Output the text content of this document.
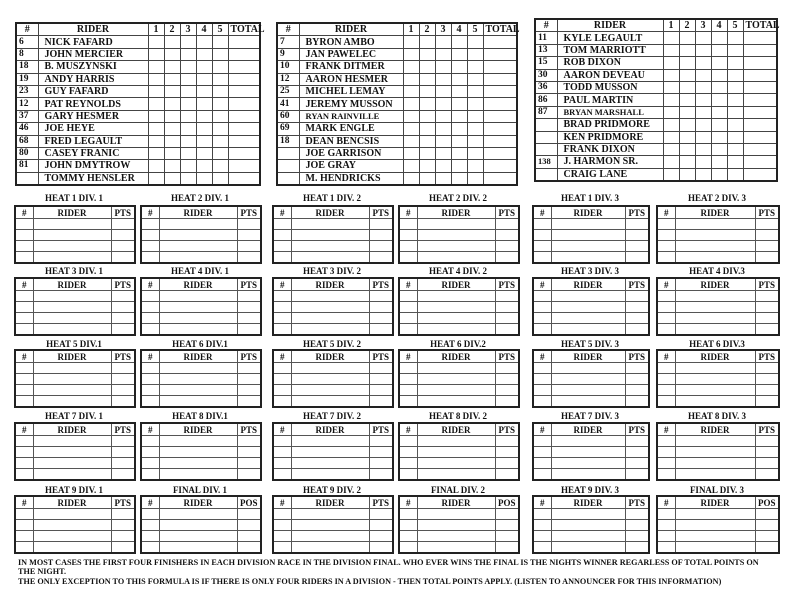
#	RIDER	1	2	3	4	5	TOTAL
6	NICK FAFARD						
8	JOHN MERCIER						
18	B. MUSZYNSKI						
19	ANDY HARRIS						
23	GUY FAFARD						
12	PAT REYNOLDS						
37	GARY HESMER						
46	JOE HEYE						
68	FRED LEGAULT						
80	CASEY FRANIC						
81	JOHN DMYTROW						
	TOMMY HENSLER						
#	RIDER	1	2	3	4	5	TOTAL
7	BYRON AMBO						
9	JAN PAWELEC						
10	FRANK DITMER						
12	AARON HESMER						
25	MICHEL LEMAY						
41	JEREMY MUSSON						
60	RYAN RAINVILLE						
69	MARK ENGLE						
18	DEAN BENCSIS						
	JOE GARRISON						
	JOE GRAY						
	M. HENDRICKS						
#	RIDER	1	2	3	4	5	TOTAL
11	KYLE LEGAULT						
13	TOM MARRIOTT						
15	ROB DIXON						
30	AARON DEVEAU						
36	TODD MUSSON						
86	PAUL MARTIN						
87	BRYAN MARSHALL						
	BRAD PRIDMORE						
	KEN PRIDMORE						
	FRANK DIXON						
138	J. HARMON SR.						
	CRAIG LANE						
HEAT 1 DIV. 1
#	RIDER	PTS

HEAT 2 DIV. 1
#	RIDER	PTS

HEAT 1 DIV. 2
#	RIDER	PTS

HEAT 2 DIV. 2
#	RIDER	PTS

HEAT 1 DIV. 3
#	RIDER	PTS

HEAT 2 DIV. 3
#	RIDER	PTS

HEAT 3 DIV. 1
#	RIDER	PTS

HEAT 4 DIV. 1
#	RIDER	PTS

HEAT 3 DIV. 2
#	RIDER	PTS

HEAT 4 DIV. 2
#	RIDER	PTS

HEAT 3 DIV. 3
#	RIDER	PTS

HEAT 4 DIV.3
#	RIDER	PTS

HEAT 5 DIV.1
#	RIDER	PTS

HEAT 6 DIV.1
#	RIDER	PTS

HEAT 5 DIV. 2
#	RIDER	PTS

HEAT 6 DIV.2
#	RIDER	PTS

HEAT 5 DIV. 3
#	RIDER	PTS

HEAT 6 DIV.3
#	RIDER	PTS

HEAT 7 DIV. 1
#	RIDER	PTS

HEAT 8 DIV.1
#	RIDER	PTS

HEAT 7 DIV. 2
#	RIDER	PTS

HEAT 8 DIV. 2
#	RIDER	PTS

HEAT 7 DIV. 3
#	RIDER	PTS

HEAT 8 DIV. 3
#	RIDER	PTS

HEAT 9 DIV. 1
#	RIDER	PTS

FINAL DIV. 1
#	RIDER	POS

HEAT 9 DIV. 2
#	RIDER	PTS

FINAL DIV. 2
#	RIDER	POS

HEAT 9 DIV. 3
#	RIDER	PTS

FINAL DIV. 3
#	RIDER	POS

IN MOST CASES THE FIRST FOUR FINISHERS IN EACH DIVISION RACE IN THE DIVISION FINAL. WHO EVER WINS THE FINAL IS THE NIGHTS WINNER REGARLESS OF TOTAL POINTS ON
THE NIGHT.
THE ONLY EXCEPTION TO THIS FORMULA IS IF THERE IS ONLY FOUR RIDERS IN A DIVISION - THEN TOTAL POINTS APPLY. (LISTEN TO ANNOUNCER FOR THIS INFORMATION)
